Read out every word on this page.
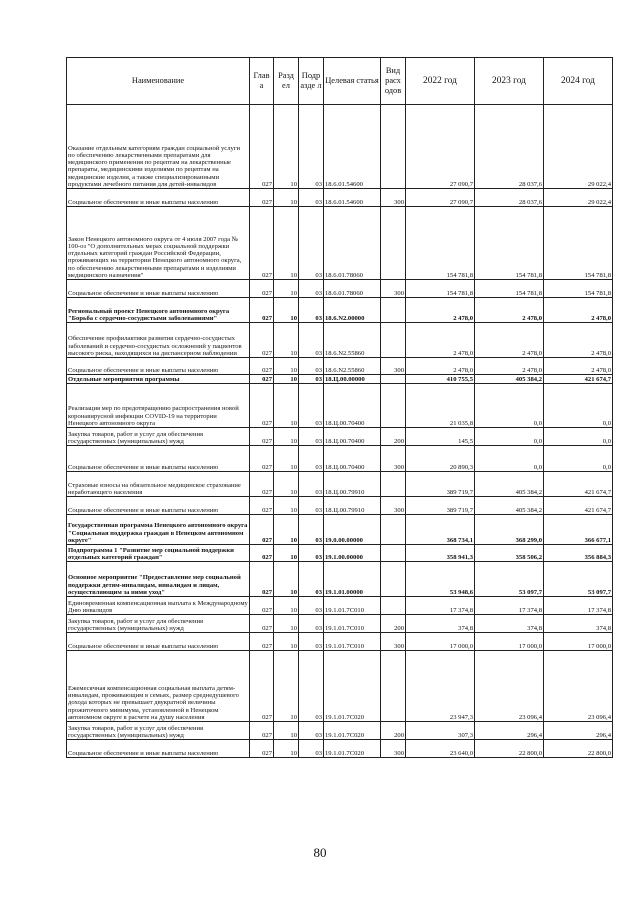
Наименование	Глав а	Разд ел	Подр азде л	Целевая статья	Вид расх одов	2022 год	2023 год	2024 год
Оказание отдельным категориям граждан социальной услуги по обеспечению лекарственными препаратами для медицинского применения по рецептам на лекарственные препараты, медицинскими изделиями по рецептам на медицинские изделия, а также специализированными продуктами лечебного питания для детей-инвалидов	027	10	03	18.6.01.54600		27 090,7	28 037,6	29 022,4
Социальное обеспечение и иные выплаты населению	027	10	03	18.6.01.54600	300	27 090,7	28 037,6	29 022,4
Закон Ненецкого автономного округа от 4 июля 2007 года № 100-оз "О дополнительных мерах социальной поддержки отдельных категорий граждан Российской Федерации, проживающих на территории Ненецкого автономного округа, по обеспечению лекарственными препаратами и изделиями медицинского назначения"	027	10	03	18.6.01.78060		154 781,8	154 781,8	154 781,8
Социальное обеспечение и иные выплаты населению	027	10	03	18.6.01.78060	300	154 781,8	154 781,8	154 781,8
Региональный проект Ненецкого автономного округа "Борьба с сердечно-сосудистыми заболеваниями"	027	10	03	18.6.N2.00000		2 478,0	2 478,0	2 478,0
Обеспечение профилактики развития сердечно-сосудистых заболеваний и сердечно-сосудистых осложнений у пациентов высокого риска, находящихся на диспансерном наблюдении	027	10	03	18.6.N2.55860		2 478,0	2 478,0	2 478,0
Социальное обеспечение и иные выплаты населению	027	10	03	18.6.N2.55860	300	2 478,0	2 478,0	2 478,0
Отдельные мероприятия программы	027	10	03	18.Ц.00.00000		410 755,5	405 384,2	421 674,7
Реализация мер по предотвращению распространения новой коронавирусной инфекции COVID-19 на территории Ненецкого автономного округа	027	10	03	18.Ц.00.70400		21 035,8	0,0	0,0
Закупка товаров, работ и услуг для обеспечения государственных (муниципальных) нужд	027	10	03	18.Ц.00.70400	200	145,5	0,0	0,0
Социальное обеспечение и иные выплаты населению	027	10	03	18.Ц.00.70400	300	20 890,3	0,0	0,0
Страховые взносы на обязательное медицинское страхование неработающего населения	027	10	03	18.Ц.00.79910		389 719,7	405 384,2	421 674,7
Социальное обеспечение и иные выплаты населению	027	10	03	18.Ц.00.79910	300	389 719,7	405 384,2	421 674,7
Государственная программа Ненецкого автономного округа "Социальная поддержка граждан в Ненецком автономном округе"	027	10	03	19.0.00.00000		368 734,1	368 299,0	366 677,1
Подпрограмма 1 "Развитие мер социальной поддержки отдельных категорий граждан"	027	10	03	19.1.00.00000		358 941,3	358 506,2	356 884,3
Основное мероприятие "Предоставление мер социальной поддержки детям-инвалидам, инвалидам и лицам, осуществляющим за ними уход"	027	10	03	19.1.01.00000		53 948,6	53 097,7	53 097,7
Единовременная компенсационная выплата к Международному Дню инвалидов	027	10	03	19.1.01.7С010		17 374,8	17 374,8	17 374,8
Закупка товаров, работ и услуг для обеспечения государственных (муниципальных) нужд	027	10	03	19.1.01.7С010	200	374,8	374,8	374,8
Социальное обеспечение и иные выплаты населению	027	10	03	19.1.01.7С010	300	17 000,0	17 000,0	17 000,0
Ежемесячная компенсационная социальная выплата детям-инвалидам, проживающим в семьях, размер среднедушевого дохода которых не превышает двукратной величины прожиточного минимума, установленной в Ненецком автономном округе в расчете на душу населения	027	10	03	19.1.01.7С020		23 947,3	23 096,4	23 096,4
Закупка товаров, работ и услуг для обеспечения государственных (муниципальных) нужд	027	10	03	19.1.01.7С020	200	307,3	296,4	296,4
Социальное обеспечение и иные выплаты населению	027	10	03	19.1.01.7С020	300	23 640,0	22 800,0	22 800,0
80
